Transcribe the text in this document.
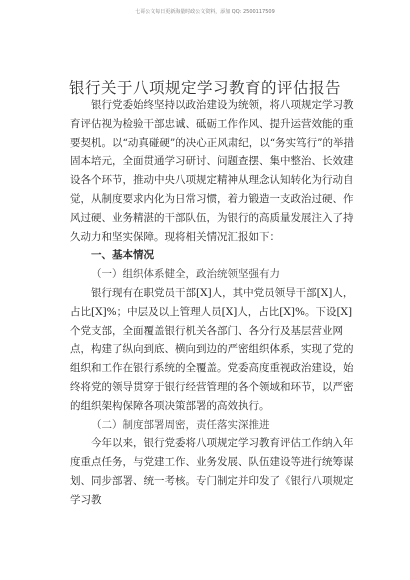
七哥公文每日更新海量时政公文资料，添加 QQ: 2500117509
银行关于八项规定学习教育的评估报告

银行党委始终坚持以政治建设为统领，将八项规定学习教育评估视为检验干部忠诚、砥砺工作作风、提升运营效能的重要契机。以“动真碰硬”的决心正风肃纪，以“务实笃行”的举措固本培元，全面贯通学习研讨、问题查摆、集中整治、长效建设各个环节，推动中央八项规定精神从理念认知转化为行动自觉，从制度要求内化为日常习惯，着力锻造一支政治过硬、作风过硬、业务精湛的干部队伍，为银行的高质量发展注入了持久动力和坚实保障。现将相关情况汇报如下：

一、基本情况

（一）组织体系健全，政治统领坚强有力

银行现有在职党员干部[X]人，其中党员领导干部[X]人，占比[X]%；中层及以上管理人员[X]人，占比[X]%。下设[X]个党支部，全面覆盖银行机关各部门、各分行及基层营业网点，构建了纵向到底、横向到边的严密组织体系，实现了党的组织和工作在银行系统的全覆盖。党委高度重视政治建设，始终将党的领导贯穿于银行经营管理的各个领域和环节，以严密的组织架构保障各项决策部署的高效执行。

（二）制度部署周密，责任落实深推进

今年以来，银行党委将八项规定学习教育评估工作纳入年度重点任务，与党建工作、业务发展、队伍建设等进行统筹谋划、同步部署、统一考核。专门制定并印发了《银行八项规定学习教
